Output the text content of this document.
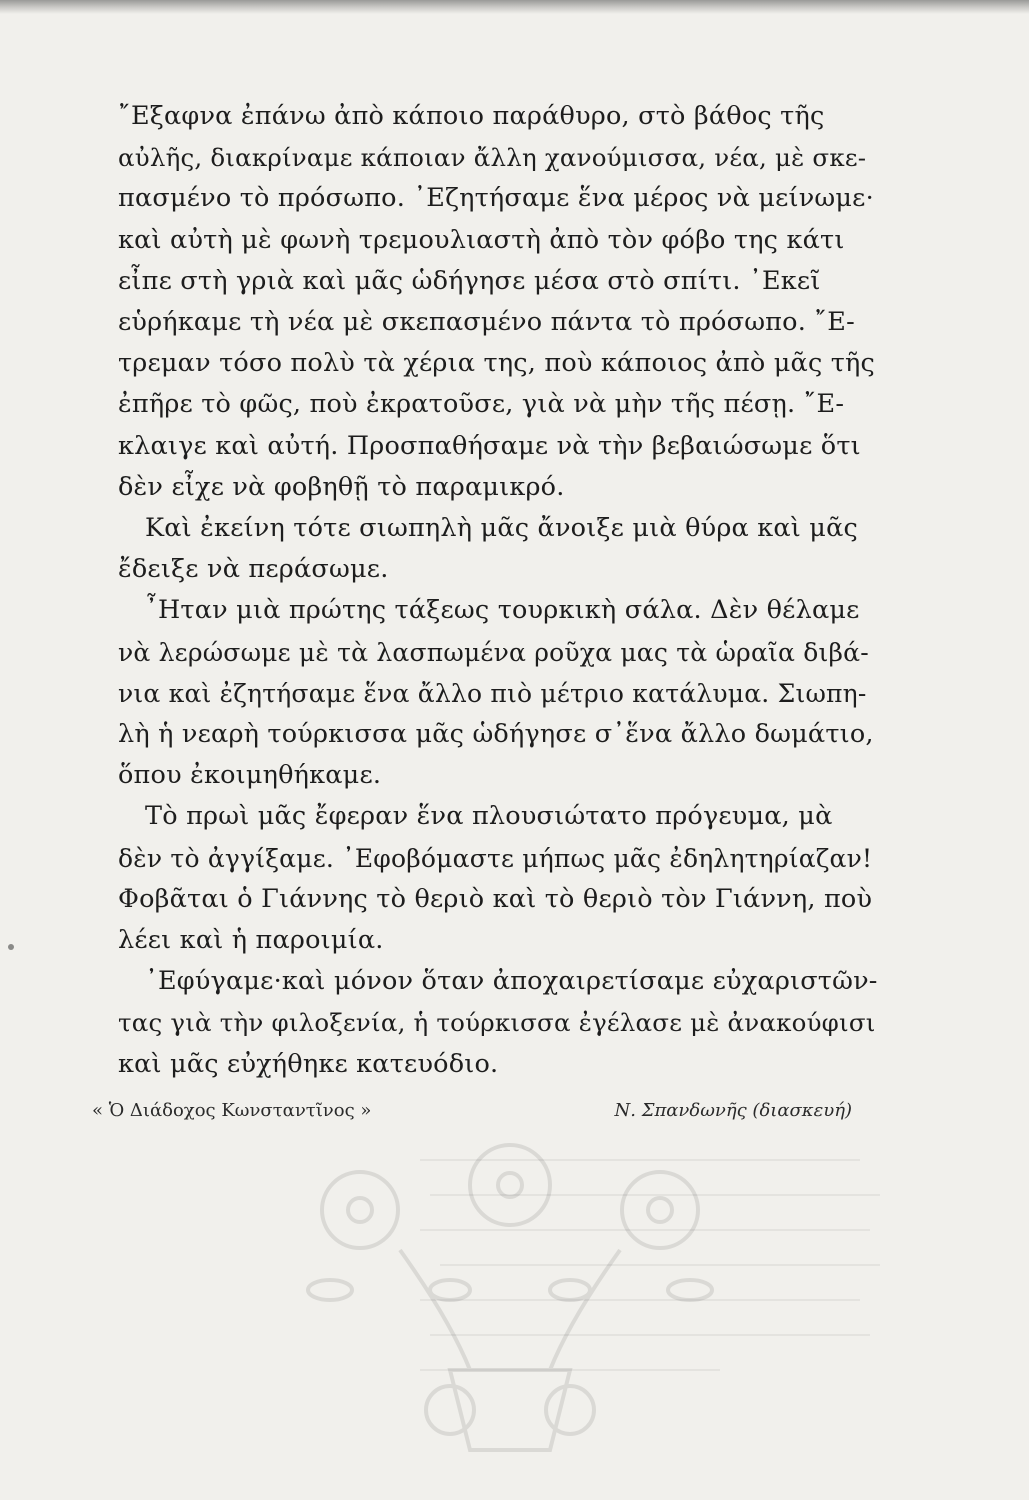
῎Εξαφνα ἐπάνω ἀπὸ κάποιο παράθυρο, στὸ βάθος τῆς
αὐλῆς, διακρίναμε κάποιαν ἄλλη χανούμισσα, νέα, μὲ σκε-
πασμένο τὸ πρόσωπο. ᾿Εζητήσαμε ἕνα μέρος νὰ μείνωμε·
καὶ αὐτὴ μὲ φωνὴ τρεμουλιαστὴ ἀπὸ τὸν φόβο της κάτι
εἶπε στὴ γριὰ καὶ μᾶς ὡδήγησε μέσα στὸ σπίτι. ᾿Εκεῖ
εὑρήκαμε τὴ νέα μὲ σκεπασμένο πάντα τὸ πρόσωπο. ῎Ε-
τρεμαν τόσο πολὺ τὰ χέρια της, ποὺ κάποιος ἀπὸ μᾶς τῆς
ἐπῆρε τὸ φῶς, ποὺ ἐκρατοῦσε, γιὰ νὰ μὴν τῆς πέσῃ. ῎Ε-
κλαιγε καὶ αὐτή. Προσπαθήσαμε νὰ τὴν βεβαιώσωμε ὅτι
δὲν εἶχε νὰ φοβηθῇ τὸ παραμικρό.

Καὶ ἐκείνη τότε σιωπηλὴ μᾶς ἄνοιξε μιὰ θύρα καὶ μᾶς
ἔδειξε νὰ περάσωμε.

῏Ηταν μιὰ πρώτης τάξεως τουρκικὴ σάλα. Δὲν θέλαμε
νὰ λερώσωμε μὲ τὰ λασπωμένα ροῦχα μας τὰ ὡραῖα διβά-
νια καὶ ἐζητήσαμε ἕνα ἄλλο πιὸ μέτριο κατάλυμα. Σιωπη-
λὴ ἡ νεαρὴ τούρκισσα μᾶς ὡδήγησε σ᾿ἕνα ἄλλο δωμάτιο,
ὅπου ἐκοιμηθήκαμε.

Τὸ πρωὶ μᾶς ἔφεραν ἕνα πλουσιώτατο πρόγευμα, μὰ
δὲν τὸ ἀγγίξαμε. ᾿Εφοβόμαστε μήπως μᾶς ἐδηλητηρίαζαν!
Φοβᾶται ὁ Γιάννης τὸ θεριὸ καὶ τὸ θεριὸ τὸν Γιάννη, ποὺ
λέει καὶ ἡ παροιμία.

᾿Εφύγαμε·καὶ μόνον ὅταν ἀποχαιρετίσαμε εὐχαριστῶν-
τας γιὰ τὴν φιλοξενία, ἡ τούρκισσα ἐγέλασε μὲ ἀνακούφισι
καὶ μᾶς εὐχήθηκε κατευόδιο.

« Ὁ Διάδοχος Κωνσταντῖνος »	Ν. Σπανδωνῆς (διασκευή)
